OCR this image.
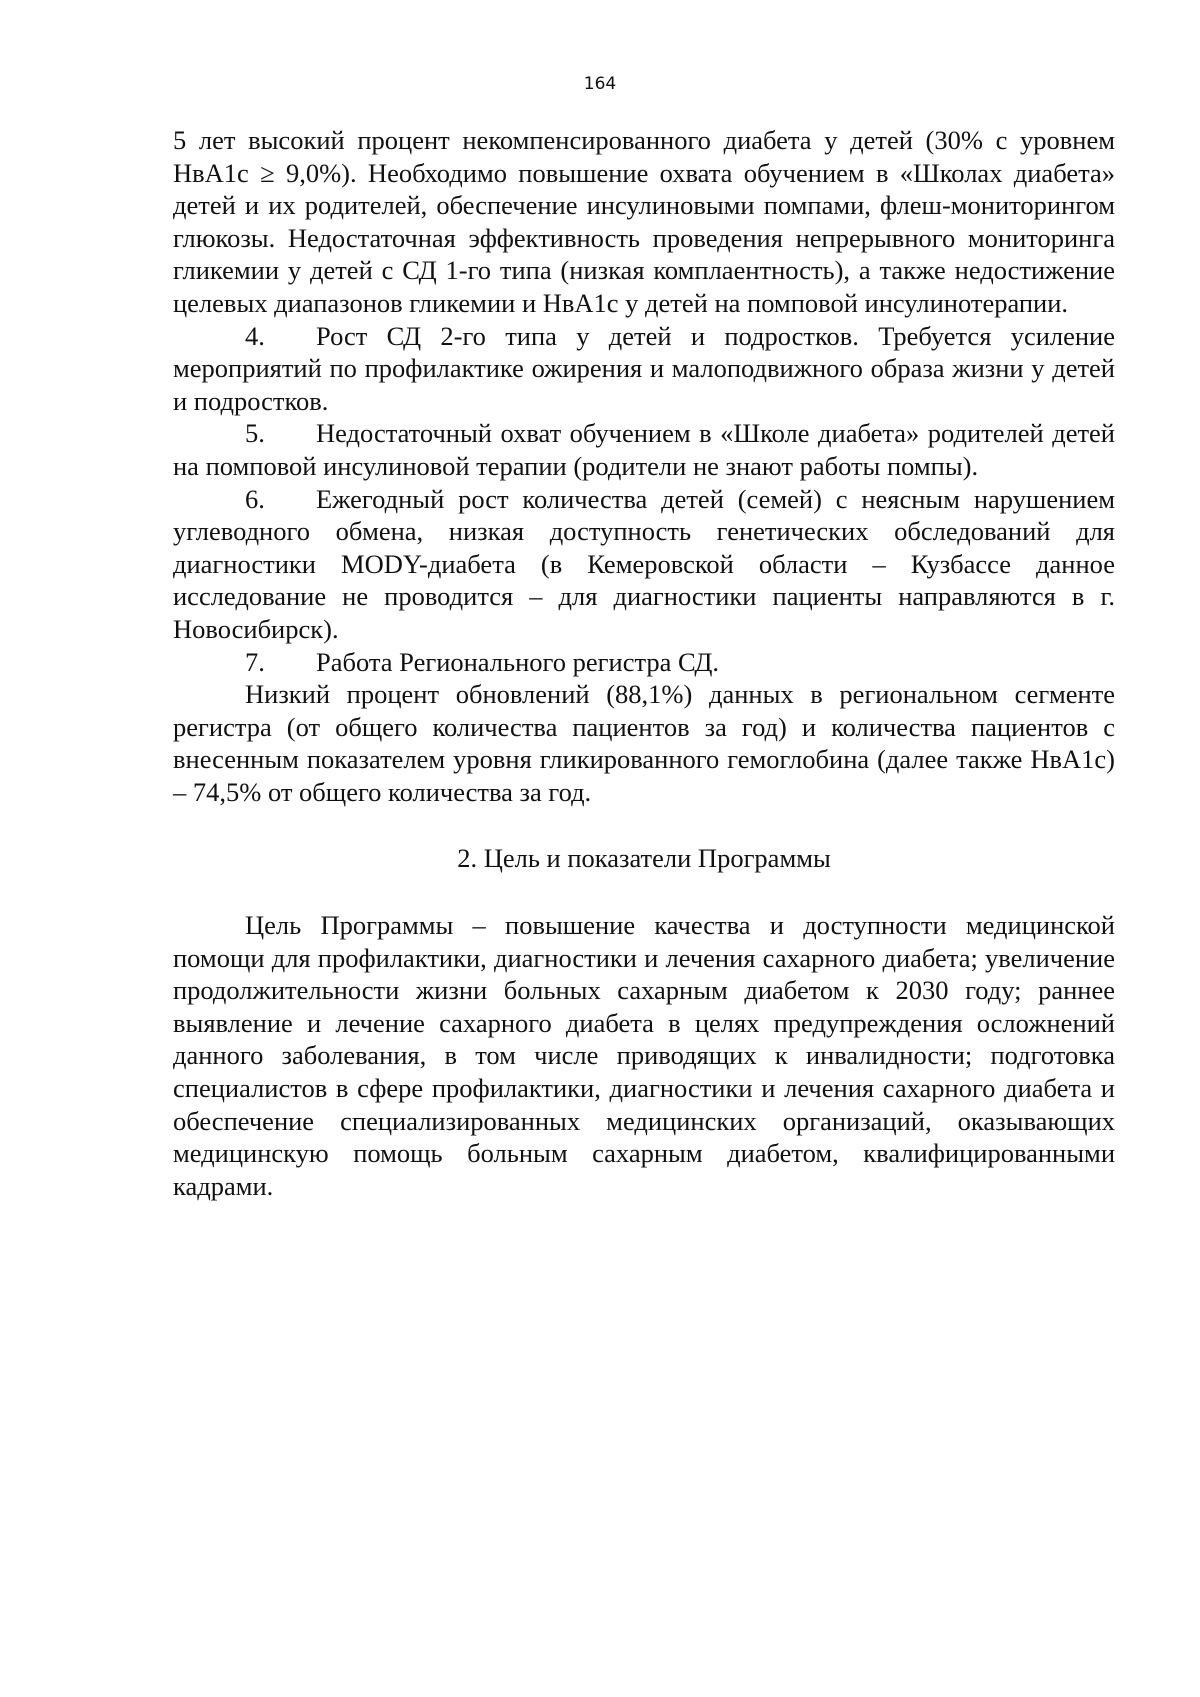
164

5 лет высокий процент некомпенсированного диабета у детей (30% с уровнем НвА1с ≥ 9,0%). Необходимо повышение охвата обучением в «Школах диабета» детей и их родителей, обеспечение инсулиновыми помпами, флеш-мониторингом глюкозы. Недостаточная эффективность проведения непрерывного мониторинга гликемии у детей с СД 1-го типа (низкая комплаентность), а также недостижение целевых диапазонов гликемии и НвА1с у детей на помповой инсулинотерапии.

4. Рост СД 2-го типа у детей и подростков. Требуется усиление мероприятий по профилактике ожирения и малоподвижного образа жизни у детей и подростков.

5. Недостаточный охват обучением в «Школе диабета» родителей детей на помповой инсулиновой терапии (родители не знают работы помпы).

6. Ежегодный рост количества детей (семей) с неясным нарушением углеводного обмена, низкая доступность генетических обследований для диагностики MODY-диабета (в Кемеровской области – Кузбассе данное исследование не проводится – для диагностики пациенты направляются в г. Новосибирск).

7. Работа Регионального регистра СД.

Низкий процент обновлений (88,1%) данных в региональном сегменте регистра (от общего количества пациентов за год) и количества пациентов с внесенным показателем уровня гликированного гемоглобина (далее также НвА1с) – 74,5% от общего количества за год.

2. Цель и показатели Программы

Цель Программы – повышение качества и доступности медицинской помощи для профилактики, диагностики и лечения сахарного диабета; увеличение продолжительности жизни больных сахарным диабетом к 2030 году; раннее выявление и лечение сахарного диабета в целях предупреждения осложнений данного заболевания, в том числе приводящих к инвалидности; подготовка специалистов в сфере профилактики, диагностики и лечения сахарного диабета и обеспечение специализированных медицинских организаций, оказывающих медицинскую помощь больным сахарным диабетом, квалифицированными кадрами.
